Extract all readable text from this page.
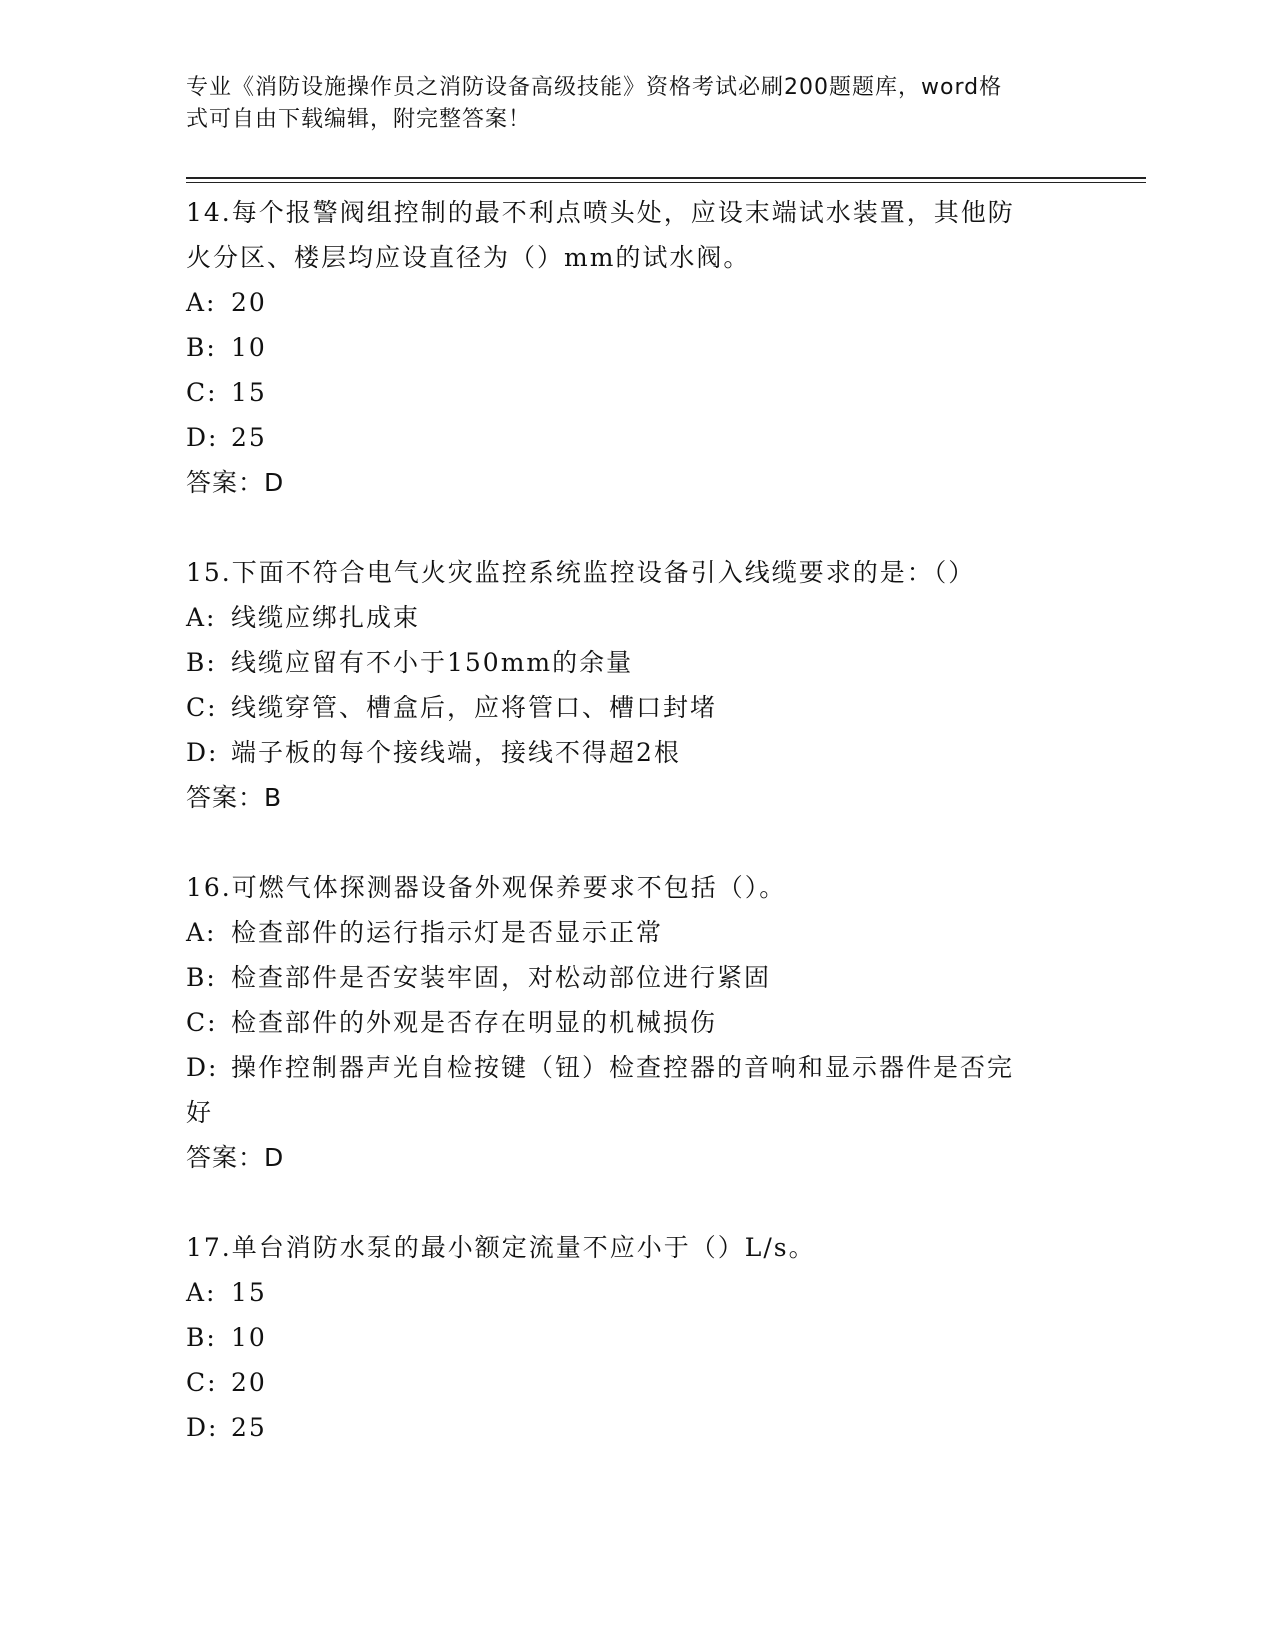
专业《消防设施操作员之消防设备高级技能》资格考试必刷200题题库，word格
式可自由下载编辑，附完整答案！
14.每个报警阀组控制的最不利点喷头处，应设末端试水装置，其他防
火分区、楼层均应设直径为（）mm的试水阀。
A: 20
B: 10
C: 15
D: 25
答案：D
15.下面不符合电气火灾监控系统监控设备引入线缆要求的是：（）
A: 线缆应绑扎成束
B: 线缆应留有不小于150mm的余量
C: 线缆穿管、槽盒后，应将管口、槽口封堵
D: 端子板的每个接线端，接线不得超2根
答案：B
16.可燃气体探测器设备外观保养要求不包括（）。
A: 检查部件的运行指示灯是否显示正常
B: 检查部件是否安装牢固，对松动部位进行紧固
C: 检查部件的外观是否存在明显的机械损伤
D: 操作控制器声光自检按键（钮）检查控器的音响和显示器件是否完
好
答案：D
17.单台消防水泵的最小额定流量不应小于（）L/s。
A: 15
B: 10
C: 20
D: 25
